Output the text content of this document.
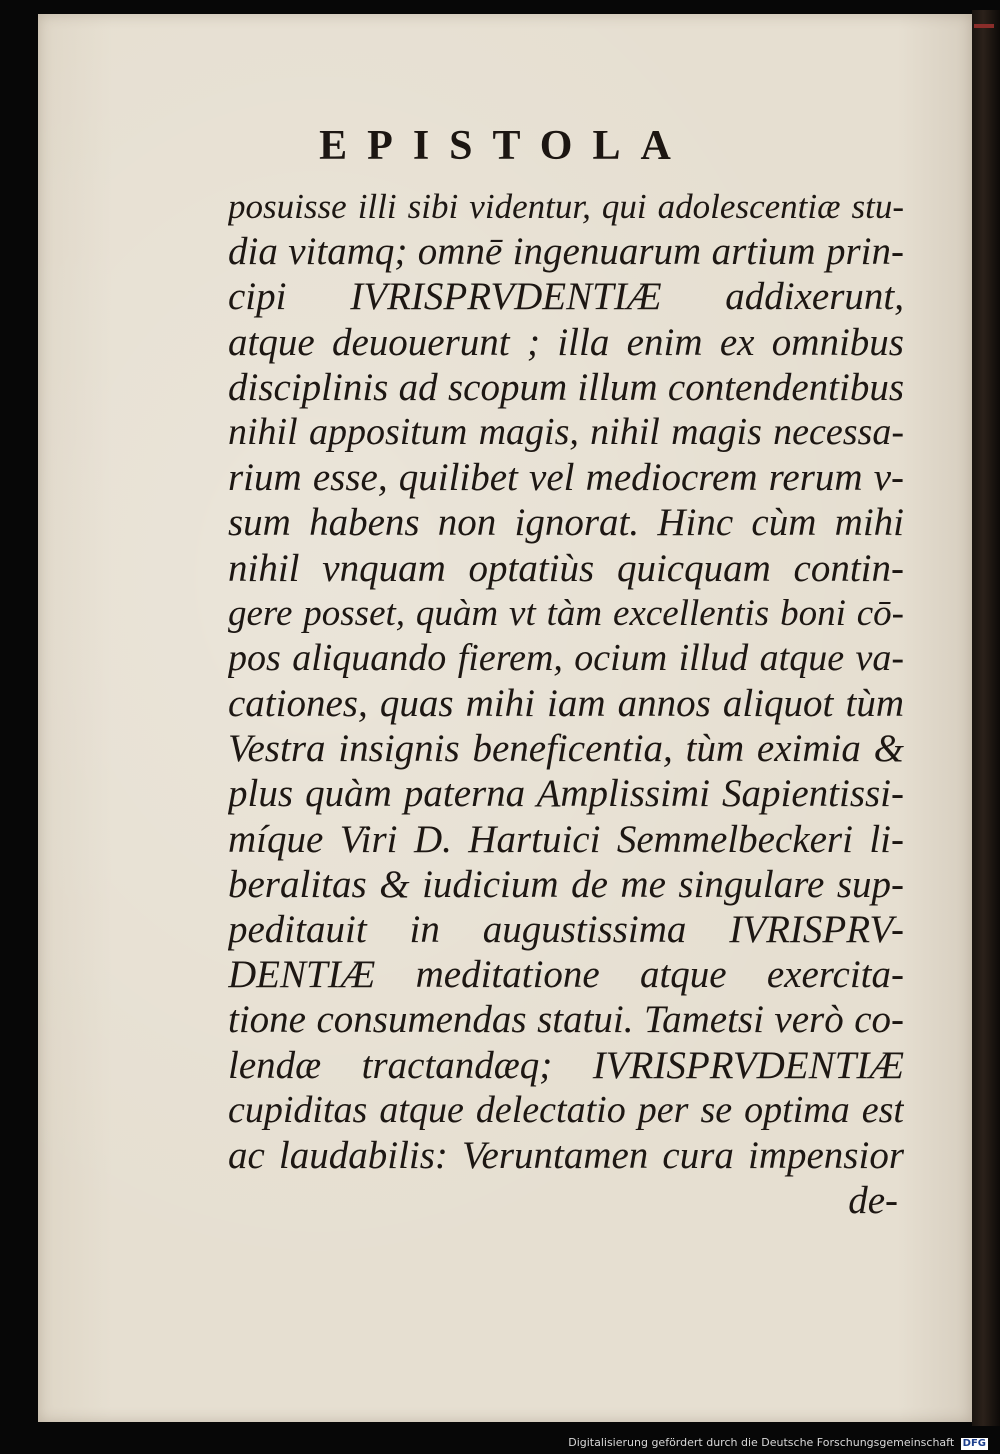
EPISTOLA
posuisse illi sibi videntur, qui adolescentiæ stu-
dia vitamq; omnē ingenuarum artium prin-
cipi IVRISPRVDENTIÆ addixerunt,
atque deuouerunt ; illa enim ex omnibus
disciplinis ad scopum illum contendentibus
nihil appositum magis, nihil magis necessa-
rium esse, quilibet vel mediocrem rerum v-
sum habens non ignorat. Hinc cùm mihi
nihil vnquam optatiùs quicquam contin-
gere posset, quàm vt tàm excellentis boni cō-
pos aliquando fierem, ocium illud atque va-
cationes, quas mihi iam annos aliquot tùm
Vestra insignis beneficentia, tùm eximia &
plus quàm paterna Amplissimi Sapientissi-
míque Viri D. Hartuici Semmelbeckeri li-
beralitas & iudicium de me singulare sup-
peditauit in augustissima IVRISPRV-
DENTIÆ meditatione atque exercita-
tione consumendas statui. Tametsi verò co-
lendæ tractandæq; IVRISPRVDENTIÆ
cupiditas atque delectatio per se optima est
ac laudabilis: Veruntamen cura impensior
de-
Digitalisierung gefördert durch die Deutsche Forschungsgemeinschaft DFG
